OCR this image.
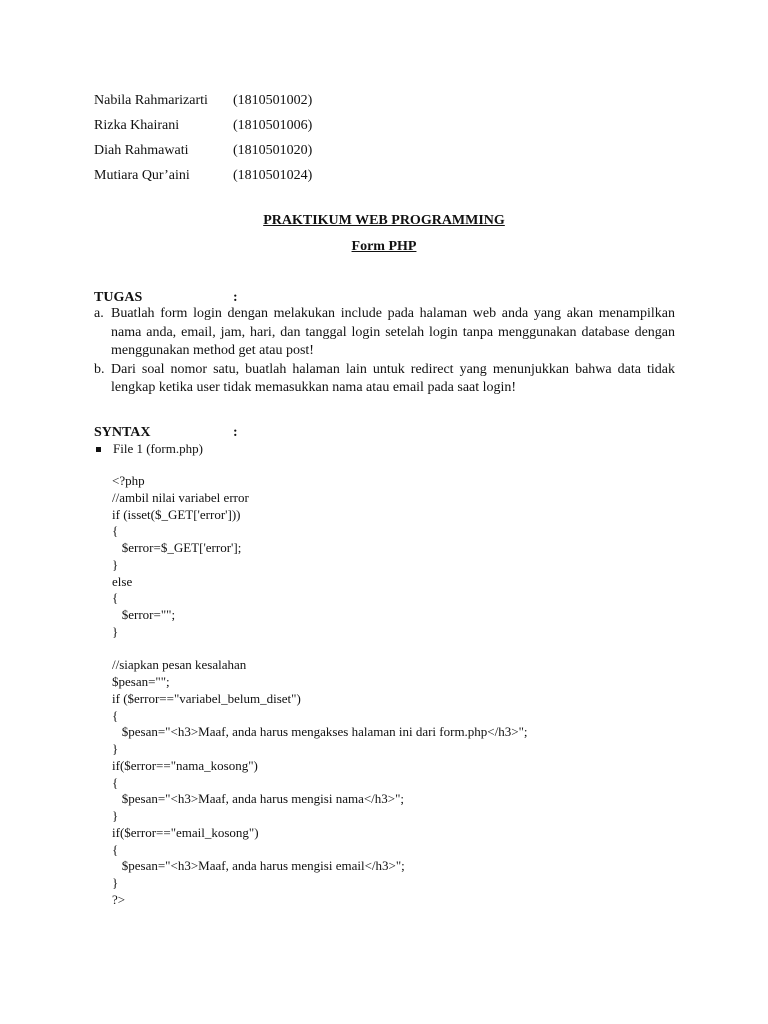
Nabila Rahmarizarti	(1810501002)
Rizka Khairani	(1810501006)
Diah Rahmawati	(1810501020)
Mutiara Qur’aini	(1810501024)
PRAKTIKUM WEB PROGRAMMING
Form PHP
TUGAS	:
a. Buatlah form login dengan melakukan include pada halaman web anda yang akan menampilkan nama anda, email, jam, hari, dan tanggal login setelah login tanpa menggunakan database dengan menggunakan method get atau post!
b. Dari soal nomor satu, buatlah halaman lain untuk redirect yang menunjukkan bahwa data tidak lengkap ketika user tidak memasukkan nama atau email pada saat login!
SYNTAX	:
File 1 (form.php)
<?php
//ambil nilai variabel error
if (isset($_GET['error']))
{
$error=$_GET['error'];
}
else
{
$error="";
}
//siapkan pesan kesalahan
$pesan="";
if ($error=="variabel_belum_diset")
{
$pesan="<h3>Maaf, anda harus mengakses halaman ini dari form.php</h3>";
}
if($error=="nama_kosong")
{
$pesan="<h3>Maaf, anda harus mengisi nama</h3>";
}
if($error=="email_kosong")
{
$pesan="<h3>Maaf, anda harus mengisi email</h3>";
}
?>
